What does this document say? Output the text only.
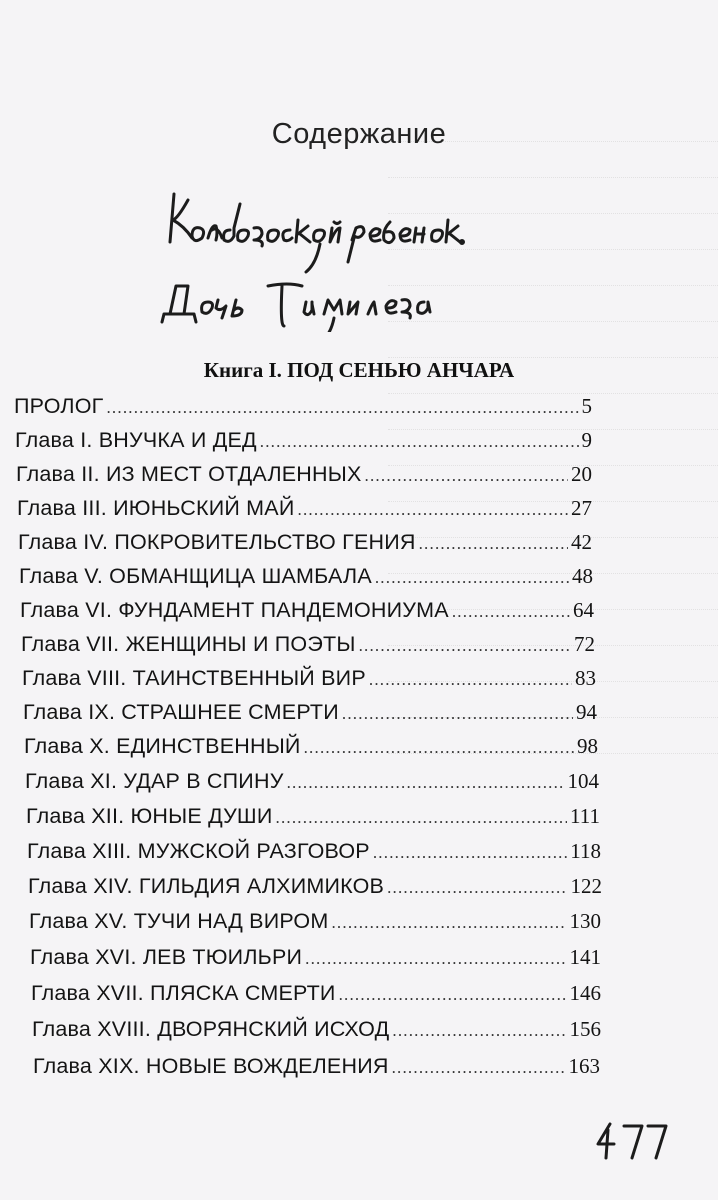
Содержание
Книга I. ПОД СЕНЬЮ АНЧАРА
ПРОЛОГ .....	5
Глава I. ВНУЧКА И ДЕД .....	9
Глава II. ИЗ МЕСТ ОТДАЛЕННЫХ .....	20
Глава III. ИЮНЬСКИЙ МАЙ .....	27
Глава IV. ПОКРОВИТЕЛЬСТВО ГЕНИЯ .....	42
Глава V. ОБМАНЩИЦА ШАМБАЛА .....	48
Глава VI. ФУНДАМЕНТ ПАНДЕМОНИУМА .....	64
Глава VII. ЖЕНЩИНЫ И ПОЭТЫ .....	72
Глава VIII. ТАИНСТВЕННЫЙ ВИР .....	83
Глава IX. СТРАШНЕЕ СМЕРТИ .....	94
Глава X. ЕДИНСТВЕННЫЙ .....	98
Глава XI. УДАР В СПИНУ .....	104
Глава XII. ЮНЫЕ ДУШИ .....	111
Глава XIII. МУЖСКОЙ РАЗГОВОР .....	118
Глава XIV. ГИЛЬДИЯ АЛХИМИКОВ .....	122
Глава XV. ТУЧИ НАД ВИРОМ .....	130
Глава XVI. ЛЕВ ТЮИЛЬРИ .....	141
Глава XVII. ПЛЯСКА СМЕРТИ .....	146
Глава XVIII. ДВОРЯНСКИЙ ИСХОД .....	156
Глава XIX. НОВЫЕ ВОЖДЕЛЕНИЯ .....	163
